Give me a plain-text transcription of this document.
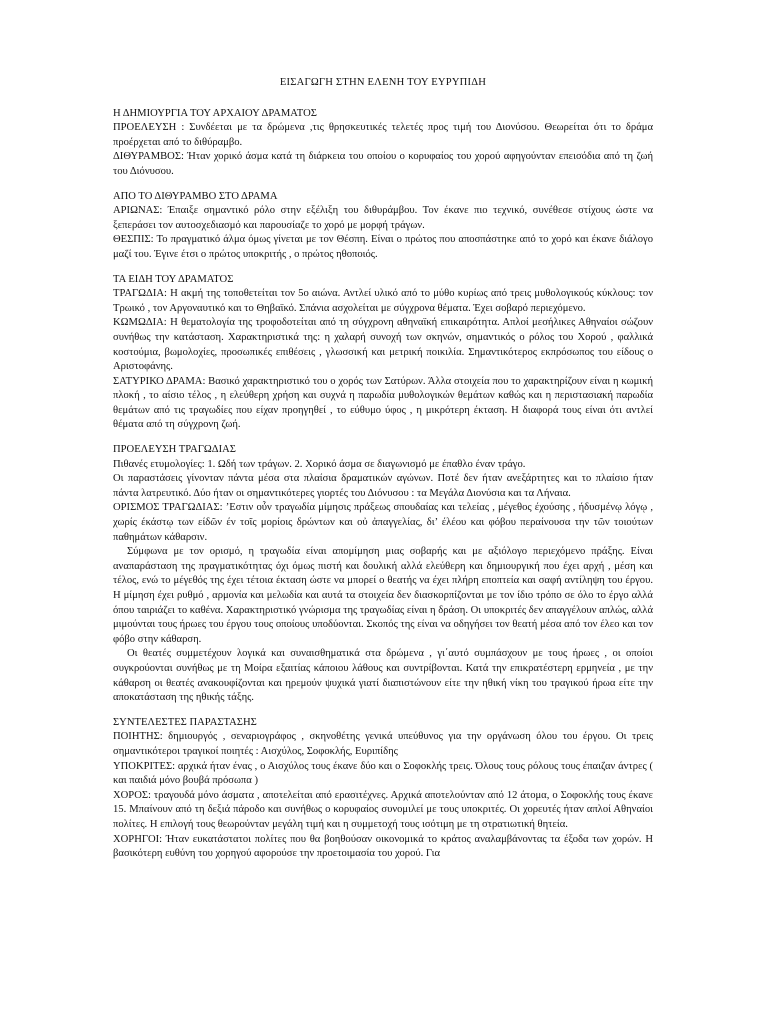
ΕΙΣΑΓΩΓΗ ΣΤΗΝ ΕΛΕΝΗ ΤΟΥ ΕΥΡΥΠΙΔΗ

Η ΔΗΜΙΟΥΡΓΙΑ ΤΟΥ ΑΡΧΑΙΟΥ ΔΡΑΜΑΤΟΣ

ΠΡΟΕΛΕΥΣΗ : Συνδέεται με τα δρώμενα ,τις θρησκευτικές τελετές προς τιμή του Διονύσου. Θεωρείται ότι το δράμα προέρχεται από το διθύραμβο.

ΔΙΘΥΡΑΜΒΟΣ: Ήταν χορικό άσμα κατά τη διάρκεια του οποίου ο κορυφαίος του χορού αφηγούνταν επεισόδια από τη ζωή του Διόνυσου.

ΑΠΟ ΤΟ ΔΙΘΥΡΑΜΒΟ ΣΤΟ ΔΡΑΜΑ

ΑΡΙΩΝΑΣ: Έπαιξε σημαντικό ρόλο στην εξέλιξη του διθυράμβου. Τον έκανε πιο τεχνικό, συνέθεσε στίχους ώστε να ξεπεράσει τον αυτοσχεδιασμό και παρουσίαζε το χορό με μορφή τράγων.

ΘΕΣΠΙΣ: Το πραγματικό άλμα όμως γίνεται με τον Θέσπη. Είναι ο πρώτος που αποσπάστηκε από το χορό και έκανε διάλογο μαζί του. Έγινε έτσι ο πρώτος υποκριτής , ο πρώτος ηθοποιός.

ΤΑ ΕΙΔΗ ΤΟΥ ΔΡΑΜΑΤΟΣ

ΤΡΑΓΩΔΙΑ: Η ακμή της τοποθετείται τον 5ο αιώνα. Αντλεί υλικό από το μύθο κυρίως από τρεις μυθολογικούς κύκλους: τον Τρωικό , τον Αργοναυτικό και το Θηβαϊκό. Σπάνια ασχολείται με σύγχρονα θέματα. Έχει σοβαρό περιεχόμενο.

ΚΩΜΩΔΙΑ: Η θεματολογία της τροφοδοτείται από τη σύγχρονη αθηναϊκή επικαιρότητα. Απλοί μεσήλικες Αθηναίοι σώζουν συνήθως την κατάσταση. Χαρακτηριστικά της: η χαλαρή συνοχή των σκηνών, σημαντικός ο ρόλος του Χορού , φαλλικά κοστούμια, βωμολοχίες, προσωπικές επιθέσεις , γλωσσική και μετρική ποικιλία. Σημαντικότερος εκπρόσωπος του είδους ο Αριστοφάνης.

ΣΑΤΥΡΙΚΟ ΔΡΑΜΑ: Βασικό χαρακτηριστικό του ο χορός των Σατύρων. Άλλα στοιχεία που το χαρακτηρίζουν είναι η κωμική πλοκή , το αίσιο τέλος , η ελεύθερη χρήση και συχνά η παρωδία μυθολογικών θεμάτων καθώς και η περιστασιακή παρωδία θεμάτων από τις τραγωδίες που είχαν προηγηθεί , το εύθυμο ύφος , η μικρότερη έκταση. Η διαφορά τους είναι ότι αντλεί θέματα από τη σύγχρονη ζωή.

ΠΡΟΕΛΕΥΣΗ ΤΡΑΓΩΔΙΑΣ

Πιθανές ετυμολογίες: 1. Ωδή των τράγων. 2. Χορικό άσμα σε διαγωνισμό με έπαθλο έναν τράγο.

Οι παραστάσεις γίνονταν πάντα μέσα στα πλαίσια δραματικών αγώνων. Ποτέ δεν ήταν ανεξάρτητες και το πλαίσιο ήταν πάντα λατρευτικό. Δύο ήταν οι σημαντικότερες γιορτές του Διόνυσου : τα Μεγάλα Διονύσια και τα Λήναια.

ΟΡΙΣΜΟΣ ΤΡΑΓΩΔΙΑΣ: ’Εστιν οὖν τραγωδία μίμησις πράξεως σπουδαίας και τελείας , μέγεθος έχούσης , ήδυσμένῳ λόγῳ , χωρίς έκάστῳ των είδῶν έν τοῖς μορίοις δρώντων και οὐ ἀπαγγελίας, δι’ έλέου και φόβου περαίνουσα την τῶν τοιούτων παθημάτων κάθαρσιν.

Σύμφωνα με τον ορισμό, η τραγωδία είναι απομίμηση μιας σοβαρής και με αξιόλογο περιεχόμενο πράξης. Είναι αναπαράσταση της πραγματικότητας όχι όμως πιστή και δουλική αλλά ελεύθερη και δημιουργική που έχει αρχή , μέση και τέλος, ενώ το μέγεθός της έχει τέτοια έκταση ώστε να μπορεί ο θεατής να έχει πλήρη εποπτεία και σαφή αντίληψη του έργου. Η μίμηση έχει ρυθμό , αρμονία και μελωδία και αυτά τα στοιχεία δεν διασκορπίζονται με τον ίδιο τρόπο σε όλο το έργο αλλά όπου ταιριάζει το καθένα. Χαρακτηριστικό γνώρισμα της τραγωδίας είναι η δράση. Οι υποκριτές δεν απαγγέλουν απλώς, αλλά μιμούνται τους ήρωες του έργου τους οποίους υποδύονται. Σκοπός της είναι να οδηγήσει τον θεατή μέσα από τον έλεο και τον φόβο στην κάθαρση.

Οι θεατές συμμετέχουν λογικά και συναισθηματικά στα δρώμενα , γι΄αυτό συμπάσχουν με τους ήρωες , οι οποίοι συγκρούονται συνήθως με τη Μοίρα εξαιτίας κάποιου λάθους και συντρίβονται. Κατά την επικρατέστερη ερμηνεία , με την κάθαρση οι θεατές ανακουφίζονται και ηρεμούν ψυχικά γιατί διαπιστώνουν είτε την ηθική νίκη του τραγικού ήρωα είτε την αποκατάσταση της ηθικής τάξης.

ΣΥΝΤΕΛΕΣΤΕΣ ΠΑΡΑΣΤΑΣΗΣ

ΠΟΙΗΤΗΣ: δημιουργός , σεναριογράφος , σκηνοθέτης γενικά υπεύθυνος για την οργάνωση όλου του έργου. Οι τρεις σημαντικότεροι τραγικοί ποιητές : Αισχύλος, Σοφοκλής, Ευριπίδης

ΥΠΟΚΡΙΤΕΣ: αρχικά ήταν ένας , ο Αισχύλος τους έκανε δύο και ο Σοφοκλής τρεις. Όλους τους ρόλους τους έπαιζαν άντρες ( και παιδιά μόνο βουβά πρόσωπα )

ΧΟΡΟΣ: τραγουδά μόνο άσματα , αποτελείται από ερασιτέχνες. Αρχικά αποτελούνταν από 12 άτομα, ο Σοφοκλής τους έκανε 15. Μπαίνουν από τη δεξιά πάροδο και συνήθως ο κορυφαίος συνομιλεί με τους υποκριτές. Οι χορευτές ήταν απλοί Αθηναίοι πολίτες. Η επιλογή τους θεωρούνταν μεγάλη τιμή και η συμμετοχή τους ισότιμη με τη στρατιωτική θητεία.

ΧΟΡΗΓΟΙ: Ήταν ευκατάστατοι πολίτες που θα βοηθούσαν οικονομικά το κράτος αναλαμβάνοντας τα έξοδα των χορών. Η βασικότερη ευθύνη του χορηγού αφορούσε την προετοιμασία του χορού. Για
